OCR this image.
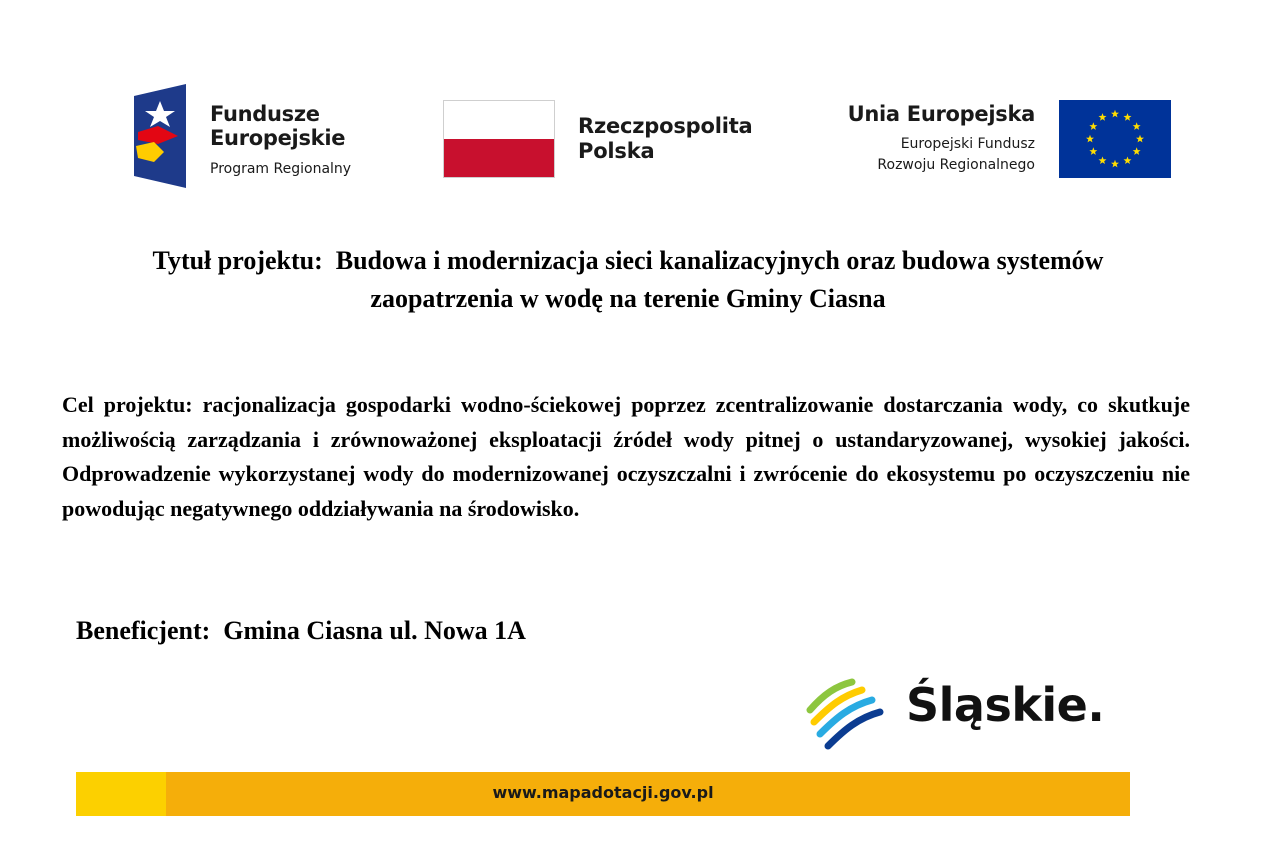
Fundusze
Europejskie
Program Regionalny
Rzeczpospolita
Polska
Unia Europejska
Europejski Fundusz
Rozwoju Regionalnego
Tytuł projektu:  Budowa i modernizacja sieci kanalizacyjnych oraz budowa systemów
zaopatrzenia w wodę na terenie Gminy Ciasna
Cel projektu: racjonalizacja gospodarki wodno-ściekowej poprzez zcentralizowanie dostarczania wody, co skutkuje możliwością zarządzania i zrównoważonej eksploatacji źródeł wody pitnej o ustandaryzowanej, wysokiej jakości. Odprowadzenie wykorzystanej wody do modernizowanej oczyszczalni i zwrócenie do ekosystemu po oczyszczeniu nie powodując negatywnego oddziaływania na środowisko.
Beneficjent:  Gmina Ciasna ul. Nowa 1A
Śląskie.
www.mapadotacji.gov.pl
